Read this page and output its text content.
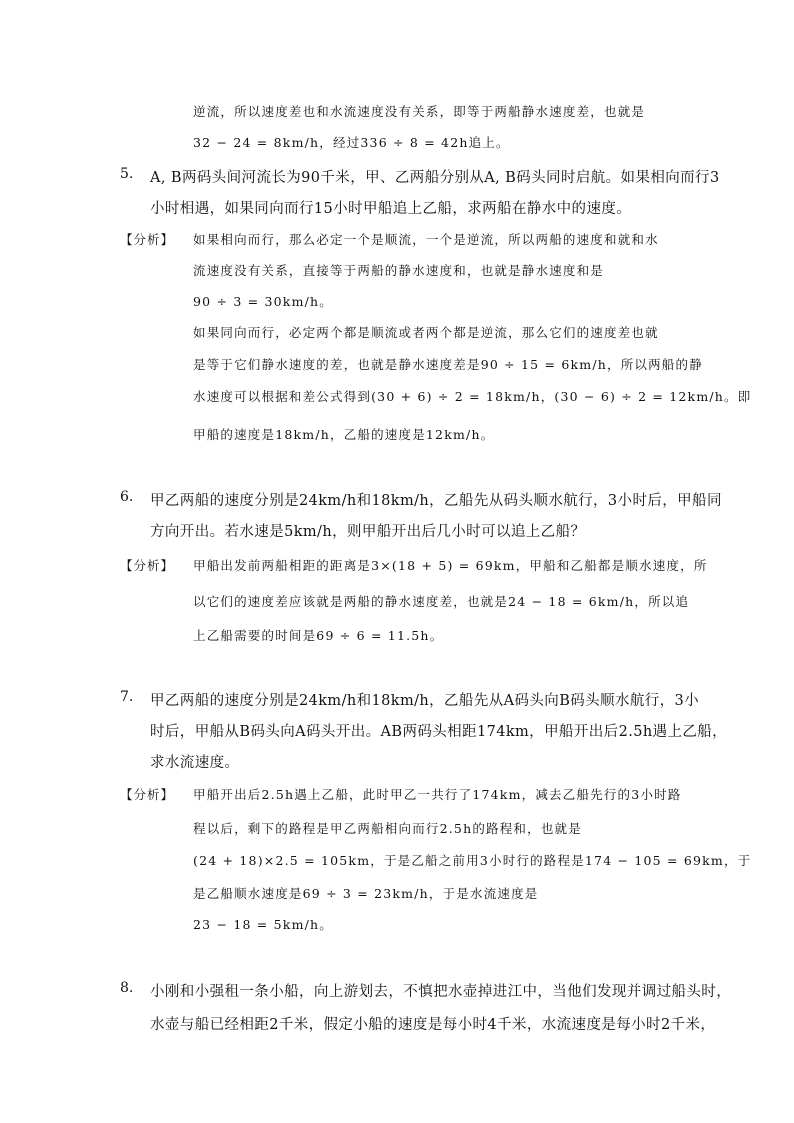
逆流，所以速度差也和水流速度没有关系，即等于两船静水速度差，也就是
32 − 24 = 8km/h，经过336 ÷ 8 = 42h追上。
5. A, B两码头间河流长为90千米，甲、乙两船分别从A, B码头同时启航。如果相向而行3
小时相遇，如果同向而行15小时甲船追上乙船，求两船在静水中的速度。
【分析】 如果相向而行，那么必定一个是顺流，一个是逆流，所以两船的速度和就和水
流速度没有关系，直接等于两船的静水速度和，也就是静水速度和是
90 ÷ 3 = 30km/h。
如果同向而行，必定两个都是顺流或者两个都是逆流，那么它们的速度差也就
是等于它们静水速度的差，也就是静水速度差是90 ÷ 15 = 6km/h，所以两船的静
水速度可以根据和差公式得到(30 + 6) ÷ 2 = 18km/h，(30 − 6) ÷ 2 = 12km/h。即
甲船的速度是18km/h，乙船的速度是12km/h。
6. 甲乙两船的速度分别是24km/h和18km/h，乙船先从码头顺水航行，3小时后，甲船同
方向开出。若水速是5km/h，则甲船开出后几小时可以追上乙船？
【分析】 甲船出发前两船相距的距离是3×(18 + 5) = 69km，甲船和乙船都是顺水速度，所
以它们的速度差应该就是两船的静水速度差，也就是24 − 18 = 6km/h，所以追
上乙船需要的时间是69 ÷ 6 = 11.5h。
7. 甲乙两船的速度分别是24km/h和18km/h，乙船先从A码头向B码头顺水航行，3小
时后，甲船从B码头向A码头开出。AB两码头相距174km，甲船开出后2.5h遇上乙船，
求水流速度。
【分析】 甲船开出后2.5h遇上乙船，此时甲乙一共行了174km，减去乙船先行的3小时路
程以后，剩下的路程是甲乙两船相向而行2.5h的路程和，也就是
(24 + 18)×2.5 = 105km，于是乙船之前用3小时行的路程是174 − 105 = 69km，于
是乙船顺水速度是69 ÷ 3 = 23km/h，于是水流速度是
23 − 18 = 5km/h。
8. 小刚和小强租一条小船，向上游划去，不慎把水壶掉进江中，当他们发现并调过船头时，
水壶与船已经相距2千米，假定小船的速度是每小时4千米，水流速度是每小时2千米，
